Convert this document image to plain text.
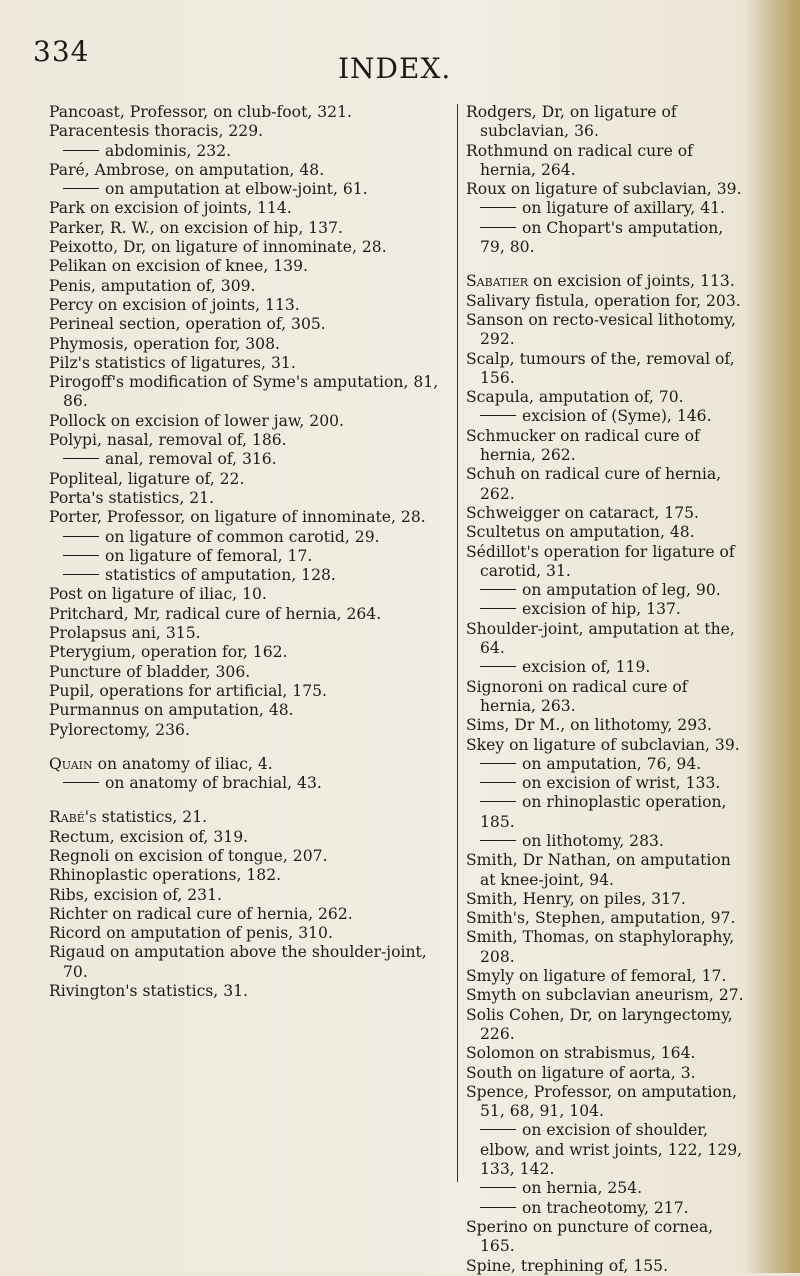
334
INDEX.

Pancoast, Professor, on club-foot, 321.

Paracentesis thoracis, 229.

abdominis, 232.

Paré, Ambrose, on amputation, 48.

on amputation at elbow-joint, 61.

Park on excision of joints, 114.

Parker, R. W., on excision of hip, 137.

Peixotto, Dr, on ligature of innominate, 28.

Pelikan on excision of knee, 139.

Penis, amputation of, 309.

Percy on excision of joints, 113.

Perineal section, operation of, 305.

Phymosis, operation for, 308.

Pilz's statistics of ligatures, 31.

Pirogoff's modification of Syme's amputation, 81, 86.

Pollock on excision of lower jaw, 200.

Polypi, nasal, removal of, 186.

anal, removal of, 316.

Popliteal, ligature of, 22.

Porta's statistics, 21.

Porter, Professor, on ligature of innominate, 28.

on ligature of common carotid, 29.

on ligature of femoral, 17.

statistics of amputation, 128.

Post on ligature of iliac, 10.

Pritchard, Mr, radical cure of hernia, 264.

Prolapsus ani, 315.

Pterygium, operation for, 162.

Puncture of bladder, 306.

Pupil, operations for artificial, 175.

Purmannus on amputation, 48.

Pylorectomy, 236.

Quain on anatomy of iliac, 4.

on anatomy of brachial, 43.

Rabé's statistics, 21.

Rectum, excision of, 319.

Regnoli on excision of tongue, 207.

Rhinoplastic operations, 182.

Ribs, excision of, 231.

Richter on radical cure of hernia, 262.

Ricord on amputation of penis, 310.

Rigaud on amputation above the shoulder-joint, 70.

Rivington's statistics, 31.

Rodgers, Dr, on ligature of subclavian, 36.

Rothmund on radical cure of hernia, 264.

Roux on ligature of subclavian, 39.

on ligature of axillary, 41.

on Chopart's amputation, 79, 80.

Sabatier on excision of joints, 113.

Salivary fistula, operation for, 203.

Sanson on recto-vesical lithotomy, 292.

Scalp, tumours of the, removal of, 156.

Scapula, amputation of, 70.

excision of (Syme), 146.

Schmucker on radical cure of hernia, 262.

Schuh on radical cure of hernia, 262.

Schweigger on cataract, 175.

Scultetus on amputation, 48.

Sédillot's operation for ligature of carotid, 31.

on amputation of leg, 90.

excision of hip, 137.

Shoulder-joint, amputation at the, 64.

excision of, 119.

Signoroni on radical cure of hernia, 263.

Sims, Dr M., on lithotomy, 293.

Skey on ligature of subclavian, 39.

on amputation, 76, 94.

on excision of wrist, 133.

on rhinoplastic operation, 185.

on lithotomy, 283.

Smith, Dr Nathan, on amputation at knee-joint, 94.

Smith, Henry, on piles, 317.

Smith's, Stephen, amputation, 97.

Smith, Thomas, on staphyloraphy, 208.

Smyly on ligature of femoral, 17.

Smyth on subclavian aneurism, 27.

Solis Cohen, Dr, on laryngectomy, 226.

Solomon on strabismus, 164.

South on ligature of aorta, 3.

Spence, Professor, on amputation, 51, 68, 91, 104.

on excision of shoulder, elbow, and wrist joints, 122, 129, 133, 142.

on hernia, 254.

on tracheotomy, 217.

Sperino on puncture of cornea, 165.

Spine, trephining of, 155.
